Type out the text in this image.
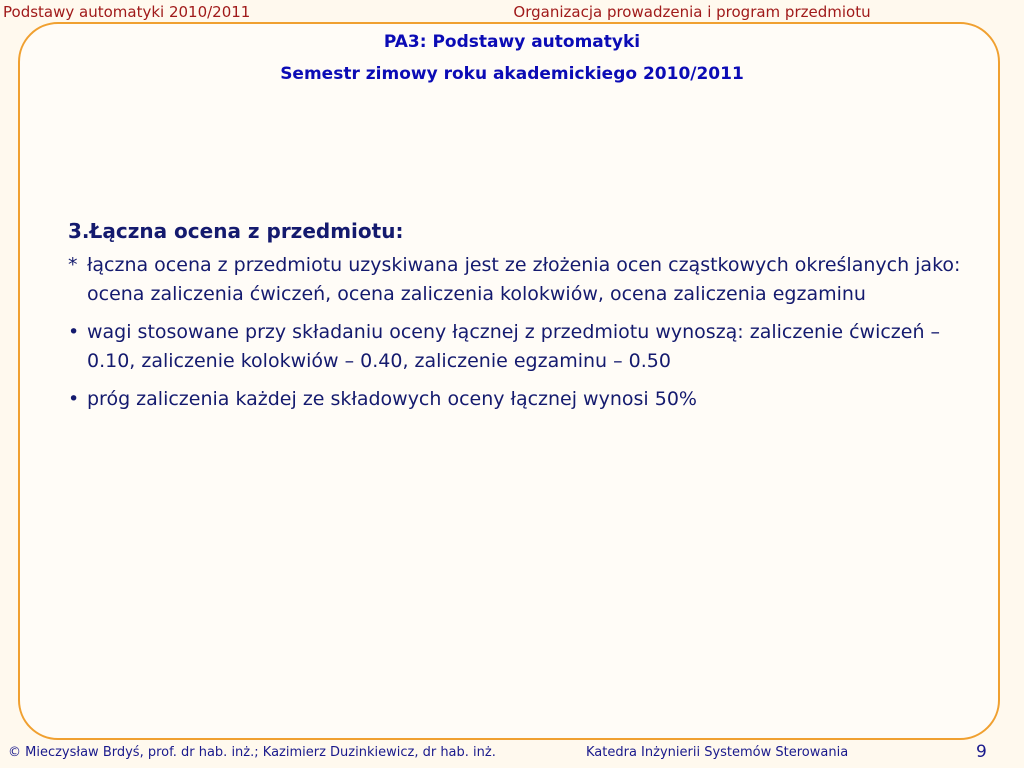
Podstawy automatyki 2010/2011	Organizacja prowadzenia i program przedmiotu
PA3: Podstawy automatyki
Semestr zimowy roku akademickiego 2010/2011
3.Łączna ocena z przedmiotu:
* łączna ocena z przedmiotu uzyskiwana jest ze złożenia ocen cząstkowych określanych jako: ocena zaliczenia ćwiczeń, ocena zaliczenia kolokwiów, ocena zaliczenia egzaminu
• wagi stosowane przy składaniu oceny łącznej z przedmiotu wynoszą: zaliczenie ćwiczeń – 0.10, zaliczenie kolokwiów – 0.40, zaliczenie egzaminu – 0.50
• próg zaliczenia każdej ze składowych oceny łącznej wynosi 50%
© Mieczysław Brdyś, prof. dr hab. inż.; Kazimierz Duzinkiewicz, dr hab. inż.	Katedra Inżynierii Systemów Sterowania	9
